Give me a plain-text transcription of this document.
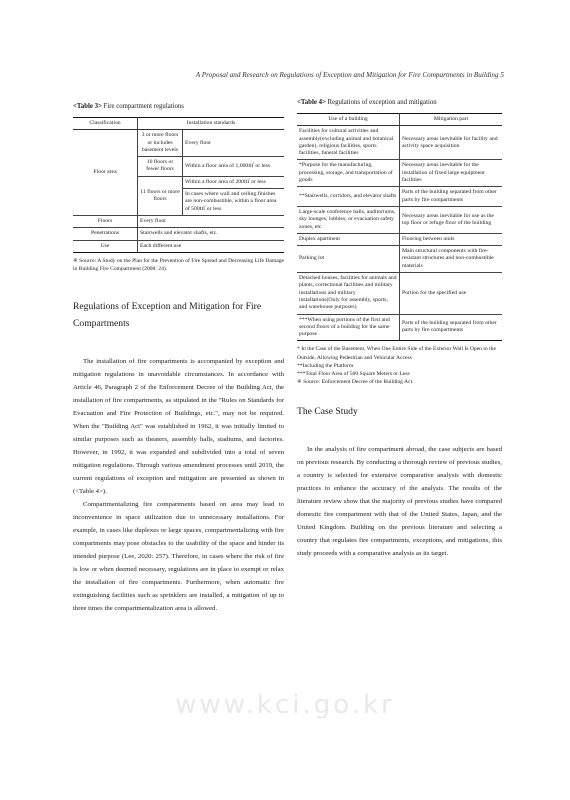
A Proposal and Research on Regulations of Exception and Mitigation for Fire Compartments in Building 5
<Table 3> Fire compartment regulations
Classification	Installation standards	
Floor area	3 or more floors or includes basement levels	Every floor
	10 floors or fewer floors	Within a floor area of 1,000㎡ or less
	11 floors or more floors	Within a floor area of 200㎡ or less
		In cases where wall and ceiling finishes are non-combustible, within a floor area of 500㎡ or less
Floors	Every floor	
Penetrations	Stairwells and elevator shafts, etc.	
Use	Each different use	

※ Source: A Study on the Plan for the Prevention of Fire Spread and Decreasing Life Damage in Building Fire Compartment (2008: 24).

Regulations of Exception and Mitigation for Fire Compartments

The installation of fire compartments is accompanied by exception and mitigation regulations in unavoidable circumstances. In accordance with Article 46, Paragraph 2 of the Enforcement Decree of the Building Act, the installation of fire compartments, as stipulated in the "Rules on Standards for Evacuation and Fire Protection of Buildings, etc.", may not be required. When the "Building Act" was established in 1962, it was initially limited to similar purposes such as theaters, assembly halls, stadiums, and factories. However, in 1992, it was expanded and subdivided into a total of seven mitigation regulations. Through various amendment processes until 2019, the current regulations of exception and mitigation are presented as shown in (<Table 4>).

Compartmentalizing fire compartments based on area may lead to inconvenience in space utilization due to unnecessary installations. For example, in cases like duplexes or large spaces, compartmentalizing with fire compartments may pose obstacles to the usability of the space and hinder its intended purpose (Lee, 2020: 257). Therefore, in cases where the risk of fire is low or when deemed necessary, regulations are in place to exempt or relax the installation of fire compartments. Furthermore, when automatic fire extinguishing facilities such as sprinklers are installed, a mitigation of up to three times the compartmentalization area is allowed.

<Table 4> Regulations of exception and mitigation
Use of a building	Mitigation part
Facilities for cultural activities and assembly(excluding animal and botanical garden), religious facilities, sports facilities, funeral facilities	Necessary areas inevitable for facility and activity space acquisition
*Purpose for the manufacturing, processing, storage, and transportation of goods	Necessary areas inevitable for the installation of fixed large equipment facilities
**Stairwells, corridors, and elevator shafts	Parts of the building separated from other parts by fire compartments
Large-scale conference halls, auditoriums, sky lounges, lobbies, or evacuation safety zones, etc	Necessary areas inevitable for use as the top floor or refuge floor of the building
Duplex apartment	Flooring between units
Parking lot	Main structural components with fire-resistant structures and non-combustible materials
Detached houses, facilities for animals and plants, correctional facilities and military installations and military installations(Only for assembly, sports, and warehouse purposes)	Portion for the specified use
***When using portions of the first and second floors of a building for the same purpose	Parts of the building separated from other parts by fire compartments

* In the Case of the Basement, When One Entire Side of the Exterior Wall Is Open to the Outside, Allowing Pedestrian and Vehicular Access

**Including the Platform

***Total Floor Area of 500 Square Meters or Less

※ Source: Enforcement Decree of the Building Act.

The Case Study

In the analysis of fire compartment abroad, the case subjects are based on previous research. By conducting a thorough review of previous studies, a country is selected for extensive comparative analysis with domestic practices to enhance the accuracy of the analysis. The results of the literature review show that the majority of previous studies have compared domestic fire compartment with that of the United States, Japan, and the United Kingdom. Building on the previous literature and selecting a country that regulates fire compartments, exceptions, and mitigations, this study proceeds with a comparative analysis as its target.

www.kci.go.kr
